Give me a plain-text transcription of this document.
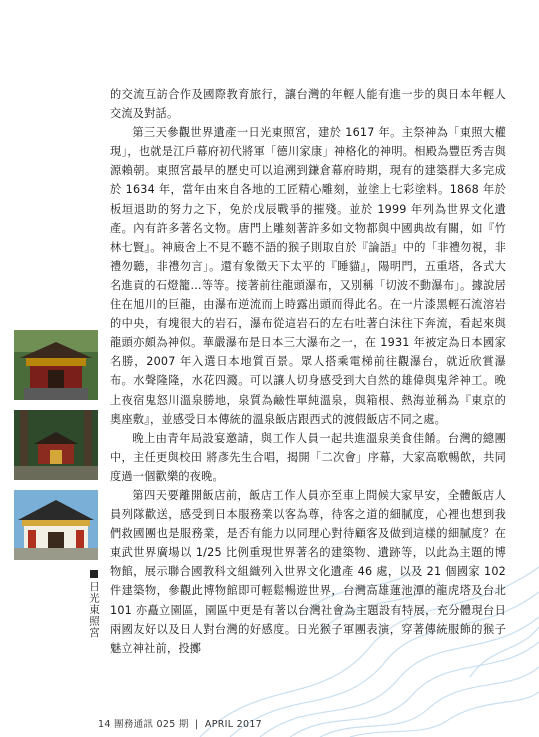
日光東照宮

的交流互訪合作及國際教育旅行，讓台灣的年輕人能有進一步的與日本年輕人交流及對話。

第三天參觀世界遺產一日光東照宮，建於 1617 年。主祭神為「東照大權現」，也就是江戶幕府初代將軍「德川家康」神格化的神明。相殿為豐臣秀吉與源賴朝。東照宮最早的歷史可以追溯到鎌倉幕府時期，現有的建築群大多完成於 1634 年，當年由來自各地的工匠精心雕刻，並塗上七彩塗料。1868 年於板垣退助的努力之下，免於戊辰戰爭的摧殘。並於 1999 年列為世界文化遺產。內有許多著名文物。唐門上雕刻著許多如文物都與中國典故有關，如『竹林七賢』。神廄舍上不見不聽不語的猴子則取自於『論語』中的「非禮勿視，非禮勿聽，非禮勿言」。還有象徵天下太平的『睡貓』，陽明門，五重塔，各式大名進貢的石燈籠…等等。接著前往龍頭瀑布，又別稱「切波不動瀑布」。據說居住在旭川的巨龍，由瀑布逆流而上時露出頭而得此名。在一片漆黑輕石流溶岩的中央，有塊很大的岩石，瀑布從這岩石的左右吐著白沫往下奔流，看起來與龍頭亦頗為神似。華嚴瀑布是日本三大瀑布之一，在 1931 年被定為日本國家名勝，2007 年入選日本地質百景。眾人搭乘電梯前往觀瀑台，就近欣賞瀑布。水聲隆隆，水花四濺。可以讓人切身感受到大自然的雄偉與鬼斧神工。晚上夜宿鬼怒川溫泉勝地，泉質為鹼性單純溫泉，與箱根、熱海並稱為『東京的奧座敷』，並感受日本傳統的溫泉飯店跟西式的渡假飯店不同之處。

晚上由青年局設宴邀請，與工作人員一起共進溫泉美食佳餚。台灣的總團中，主任更與校田 將彥先生合唱，揭開「二次會」序幕，大家高歌暢飲，共同度過一個歡樂的夜晚。

第四天要離開飯店前，飯店工作人員亦至車上問候大家早安，全體飯店人員列隊歡送，感受到日本服務業以客為尊，待客之道的細膩度，心裡也想到我們救國團也是服務業，是否有能力以同理心對待顧客及做到這樣的細膩度？在東武世界廣場以 1/25 比例重現世界著名的建築物、遺跡等，以此為主題的博物館，展示聯合國教科文組織列入世界文化遺產 46 處，以及 21 個國家 102 件建築物，參觀此博物館即可輕鬆暢遊世界，台灣高雄蓮池潭的龍虎塔及台北 101 亦矗立園區，園區中更是有著以台灣社會為主題設有特展，充分體現台日兩國友好以及日人對台灣的好感度。日光猴子軍團表演，穿著傳統服飾的猴子魅立神社前，投擲

14 團務通訊 025 期 | APRIL 2017
